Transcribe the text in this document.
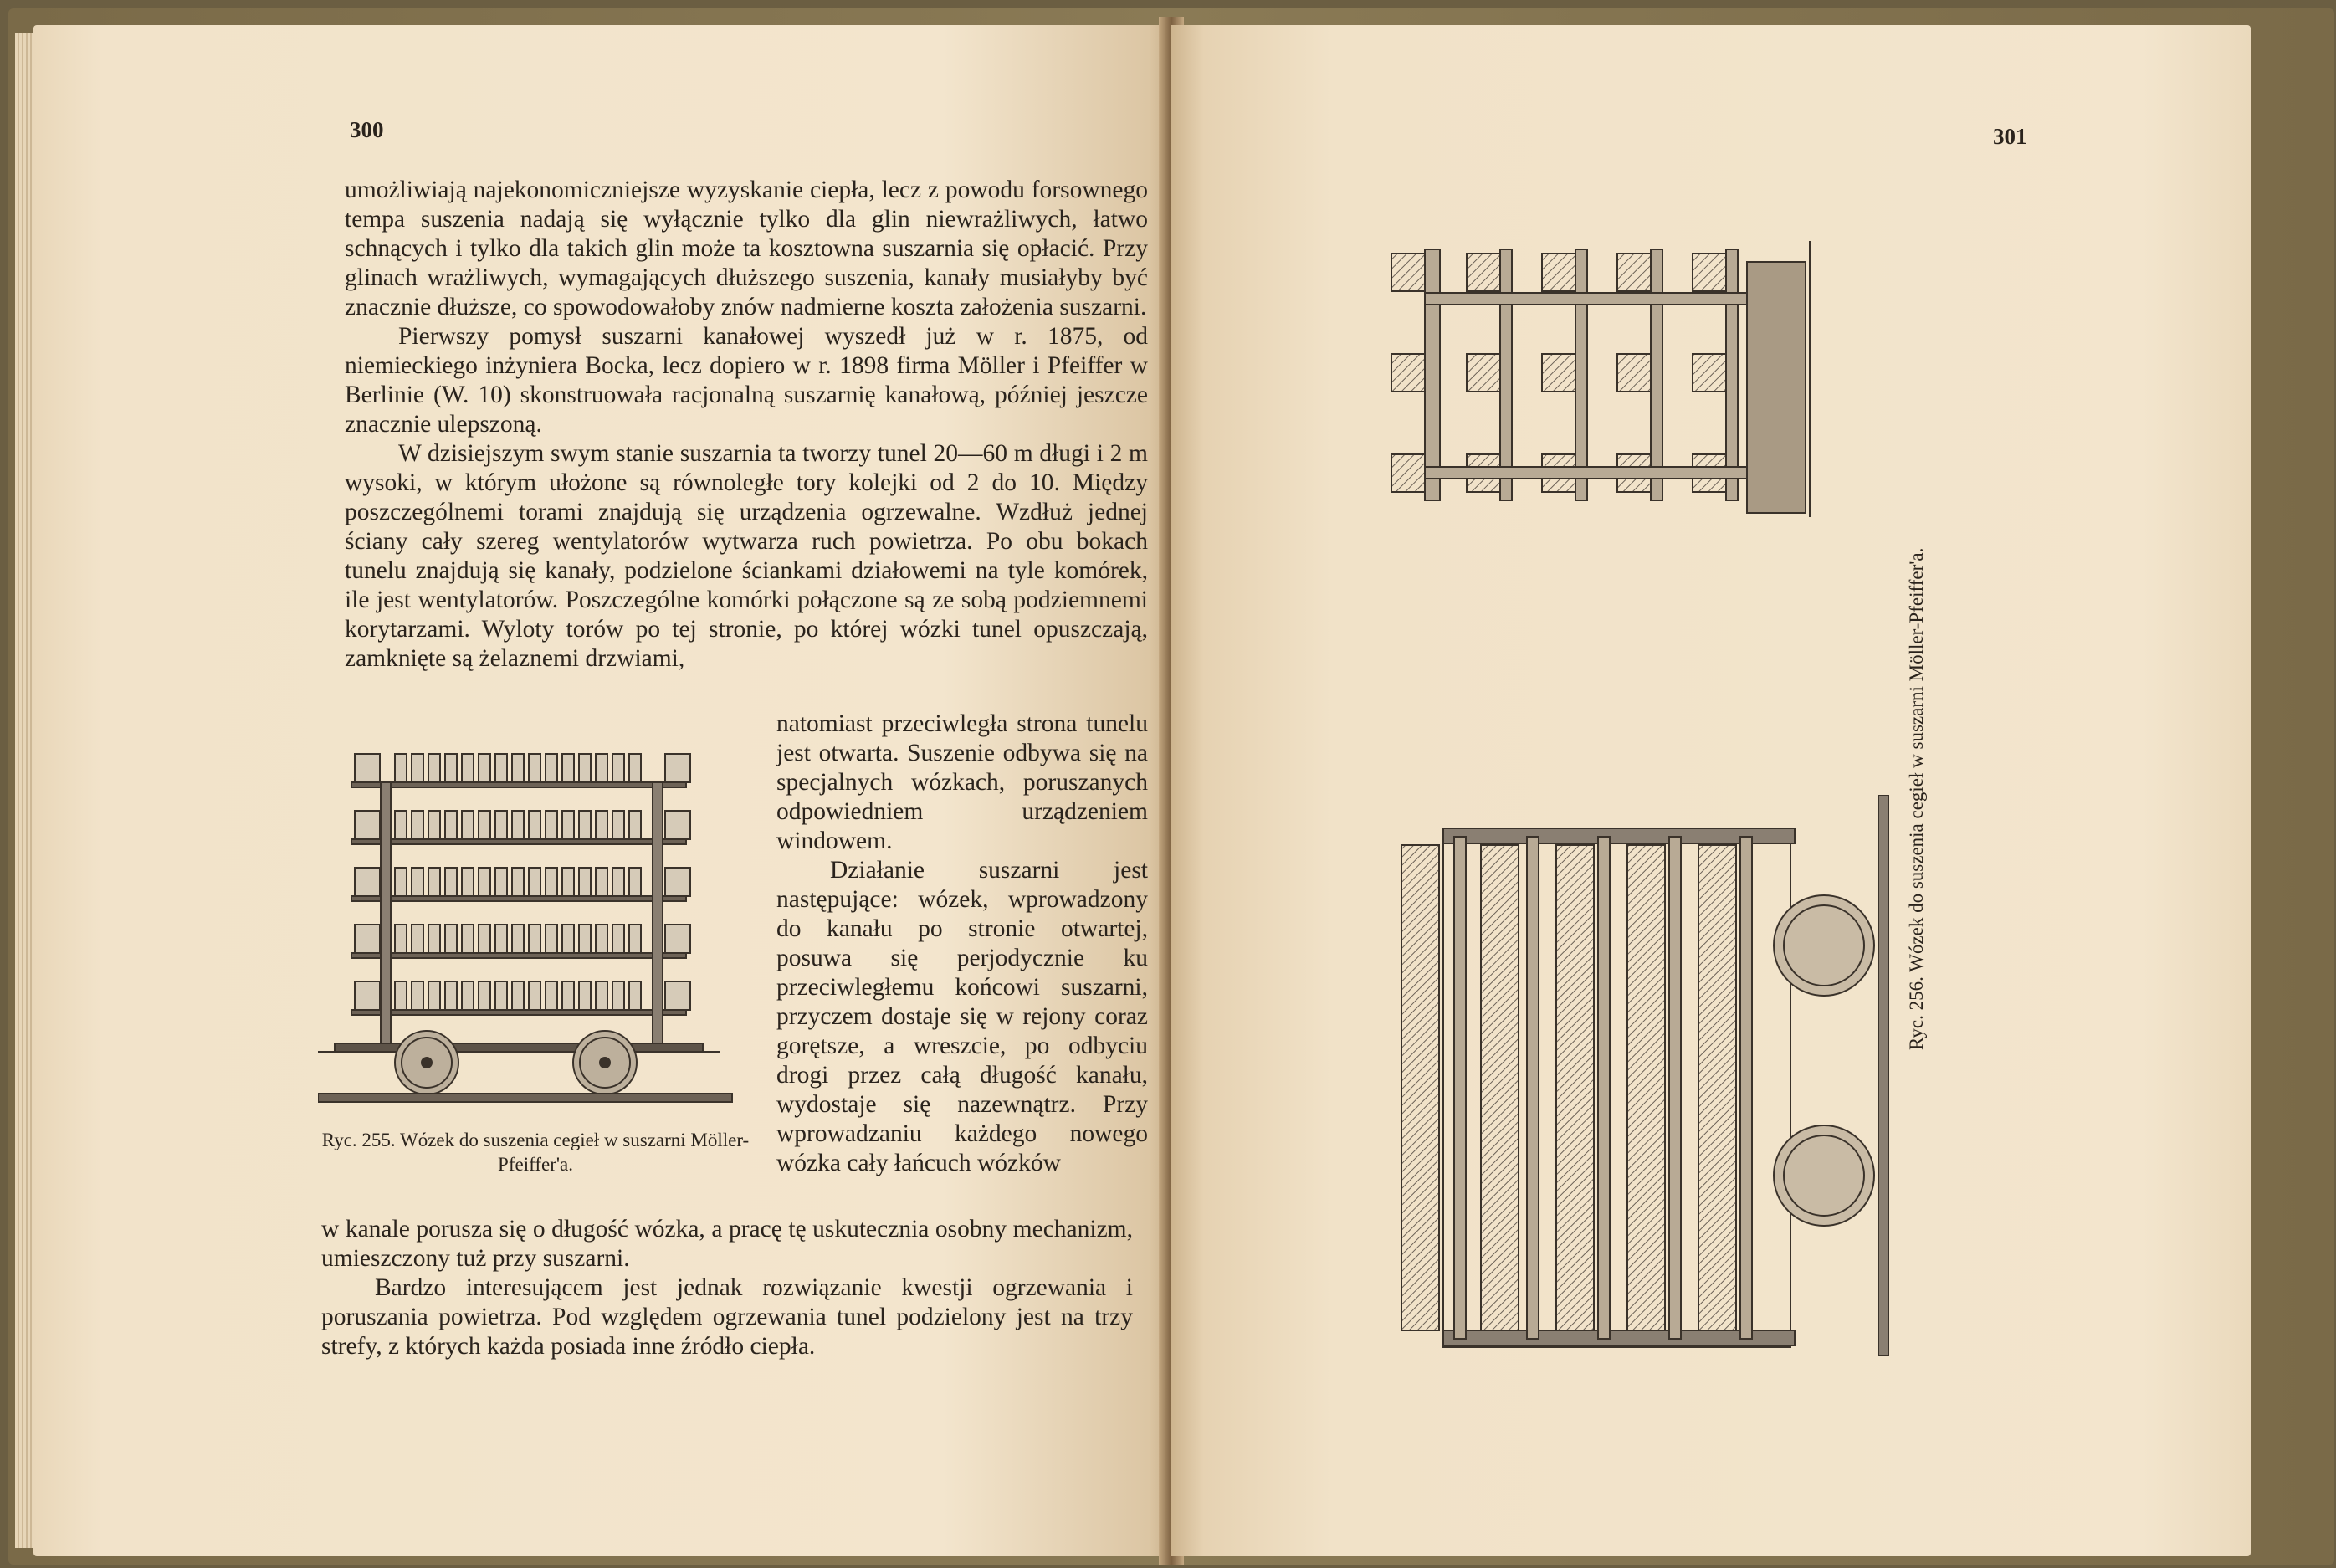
300

umożliwiają najekonomiczniejsze wyzyskanie ciepła, lecz z powodu forsownego tempa suszenia nadają się wyłącznie tylko dla glin niewrażliwych, łatwo schnących i tylko dla takich glin może ta kosztowna suszarnia się opłacić. Przy glinach wrażliwych, wymagających dłuższego suszenia, kanały musiałyby być znacznie dłuższe, co spowodowałoby znów nadmierne koszta założenia suszarni.

Pierwszy pomysł suszarni kanałowej wyszedł już w r. 1875, od niemieckiego inżyniera Bocka, lecz dopiero w r. 1898 firma Möller i Pfeiffer w Berlinie (W. 10) skonstruowała racjonalną suszarnię kanałową, później jeszcze znacznie ulepszoną.

W dzisiejszym swym stanie suszarnia ta tworzy tunel 20—60 m długi i 2 m wysoki, w którym ułożone są równoległe tory kolejki od 2 do 10. Między poszczególnemi torami znajdują się urządzenia ogrzewalne. Wzdłuż jednej ściany cały szereg wentylatorów wytwarza ruch powietrza. Po obu bokach tunelu znajdują się kanały, podzielone ściankami działowemi na tyle komórek, ile jest wentylatorów. Poszczególne komórki połączone są ze sobą podziemnemi korytarzami. Wyloty torów po tej stronie, po której wózki tunel opuszczają, zamknięte są żelaznemi drzwiami,

Ryc. 255. Wózek do suszenia cegieł w suszarni Möller-Pfeiffer'a.

natomiast przeciwległa strona tunelu jest otwarta. Suszenie odbywa się na specjalnych wózkach, poruszanych odpowiedniem urządzeniem windowem.

Działanie suszarni jest następujące: wózek, wprowadzony do kanału po stronie otwartej, posuwa się perjodycznie ku przeciwległemu końcowi suszarni, przyczem dostaje się w rejony coraz gorętsze, a wreszcie, po odbyciu drogi przez całą długość kanału, wydostaje się nazewnątrz. Przy wprowadzaniu każdego nowego wózka cały łańcuch wózków

w kanale porusza się o długość wózka, a pracę tę uskutecznia osobny mechanizm, umieszczony tuż przy suszarni.

Bardzo interesującem jest jednak rozwiązanie kwestji ogrzewania i poruszania powietrza. Pod względem ogrzewania tunel podzielony jest na trzy strefy, z których każda posiada inne źródło ciepła.

301
Ryc. 256. Wózek do suszenia cegieł w suszarni Möller-Pfeiffer'a.
